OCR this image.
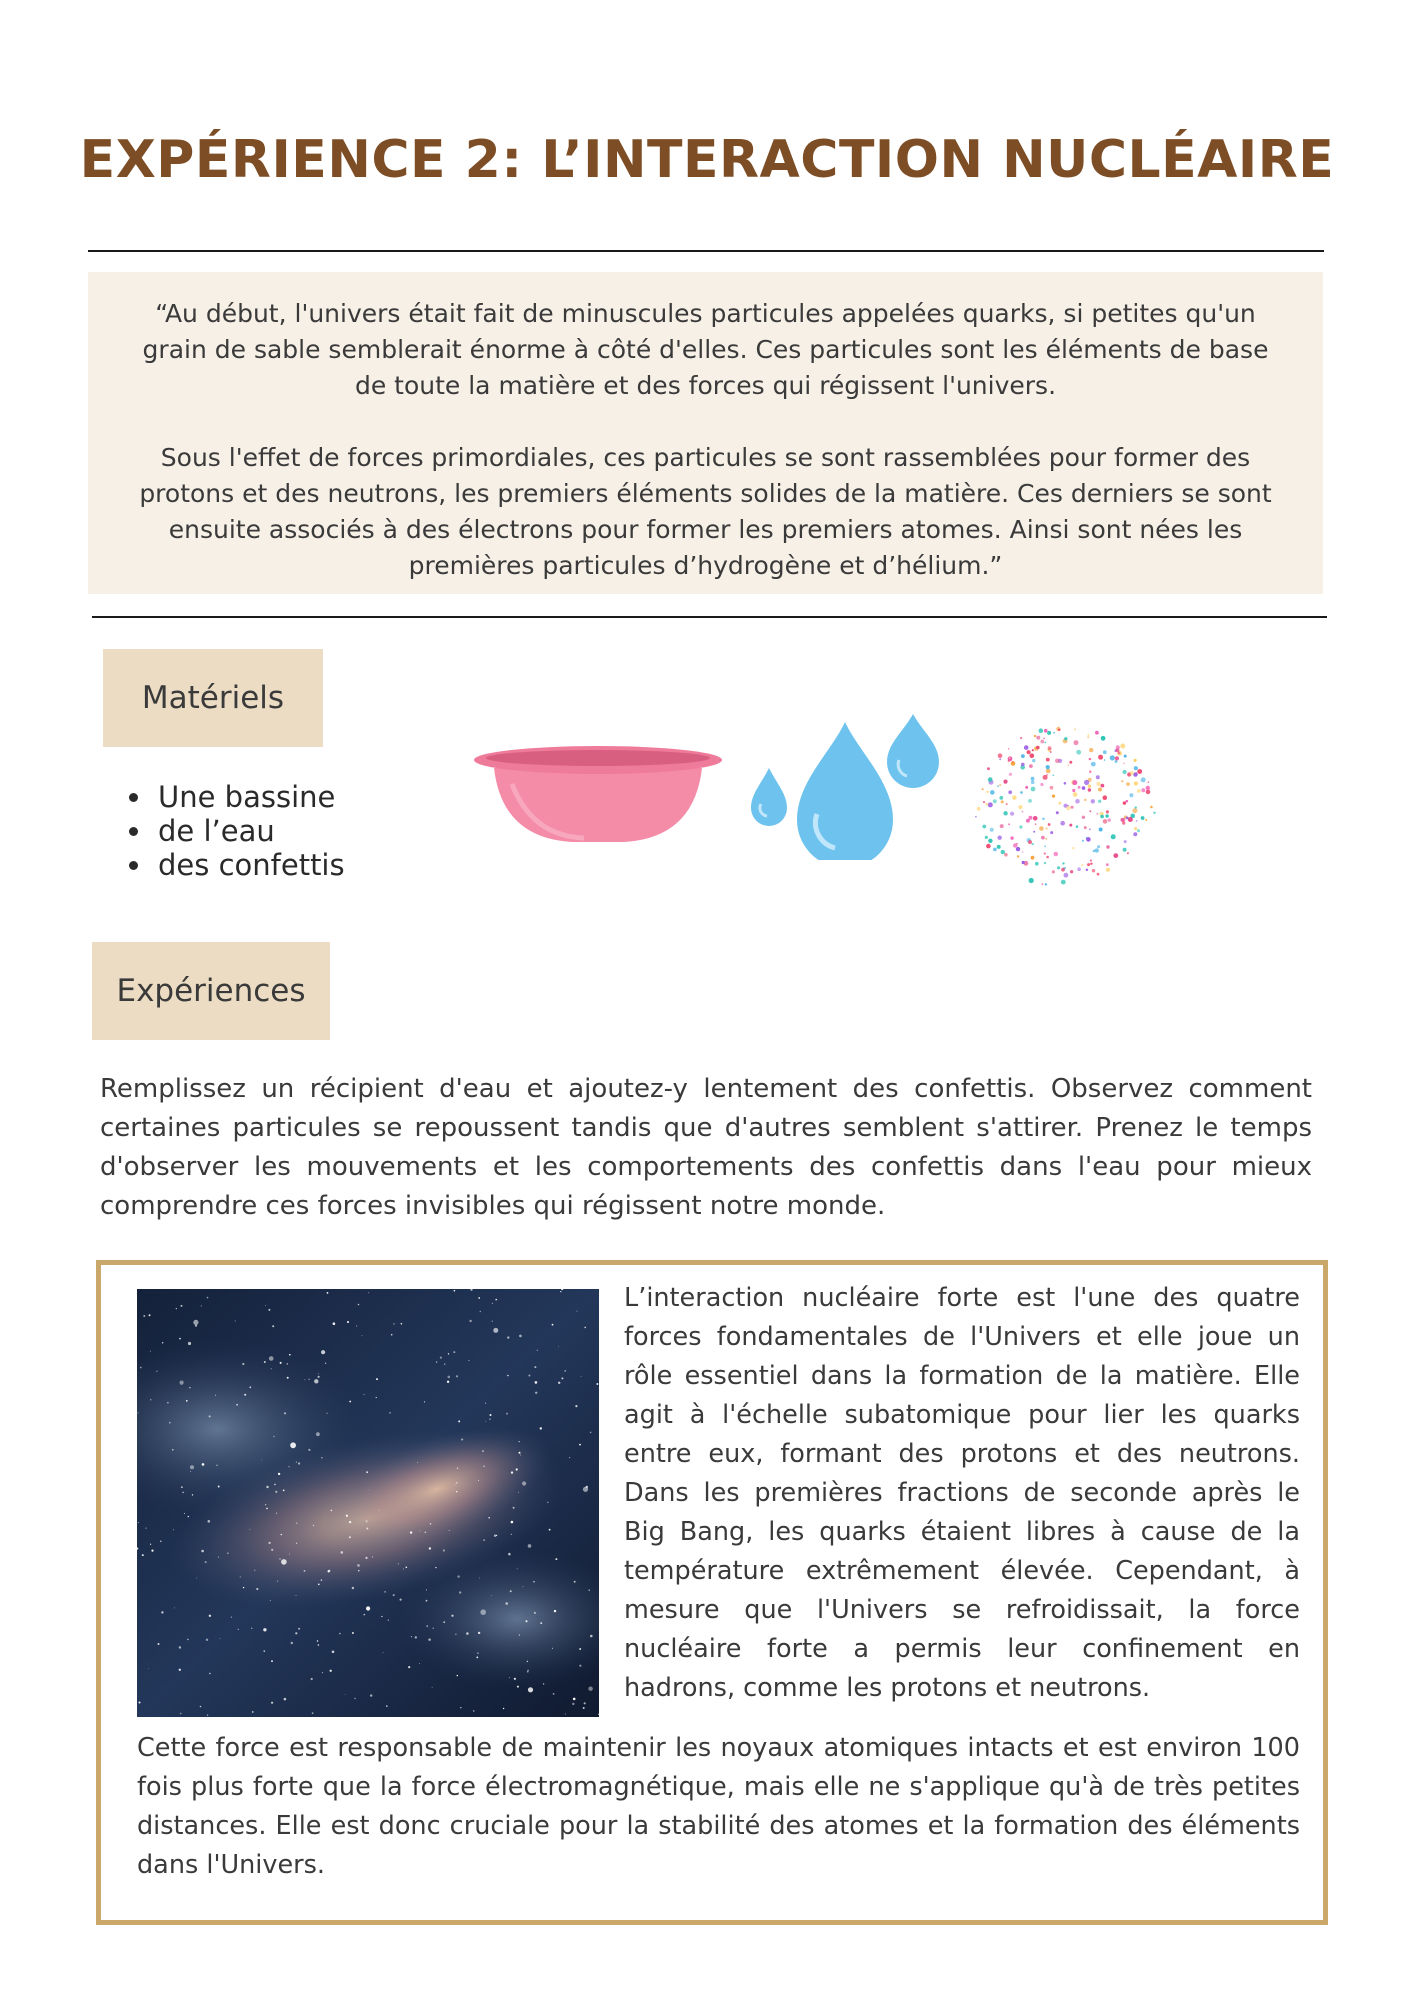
EXPÉRIENCE 2: L’INTERACTION NUCLÉAIRE

“Au début, l'univers était fait de minuscules particules appelées quarks, si petites qu'un grain de sable semblerait énorme à côté d'elles. Ces particules sont les éléments de base de toute la matière et des forces qui régissent l'univers.

Sous l'effet de forces primordiales, ces particules se sont rassemblées pour former des protons et des neutrons, les premiers éléments solides de la matière. Ces derniers se sont ensuite associés à des électrons pour former les premiers atomes. Ainsi sont nées les premières particules d’hydrogène et d’hélium.”

Matériels
• Une bassine
• de l’eau
• des confettis
Expériences

Remplissez un récipient d'eau et ajoutez-y lentement des confettis. Observez comment certaines particules se repoussent tandis que d'autres semblent s'attirer. Prenez le temps d'observer les mouvements et les comportements des confettis dans l'eau pour mieux comprendre ces forces invisibles qui régissent notre monde.

L’interaction nucléaire forte est l'une des quatre forces fondamentales de l'Univers et elle joue un rôle essentiel dans la formation de la matière. Elle agit à l'échelle subatomique pour lier les quarks entre eux, formant des protons et des neutrons. Dans les premières fractions de seconde après le Big Bang, les quarks étaient libres à cause de la température extrêmement élevée. Cependant, à mesure que l'Univers se refroidissait, la force nucléaire forte a permis leur confinement en hadrons, comme les protons et neutrons.

Cette force est responsable de maintenir les noyaux atomiques intacts et est environ 100 fois plus forte que la force électromagnétique, mais elle ne s'applique qu'à de très petites distances. Elle est donc cruciale pour la stabilité des atomes et la formation des éléments dans l'Univers.
